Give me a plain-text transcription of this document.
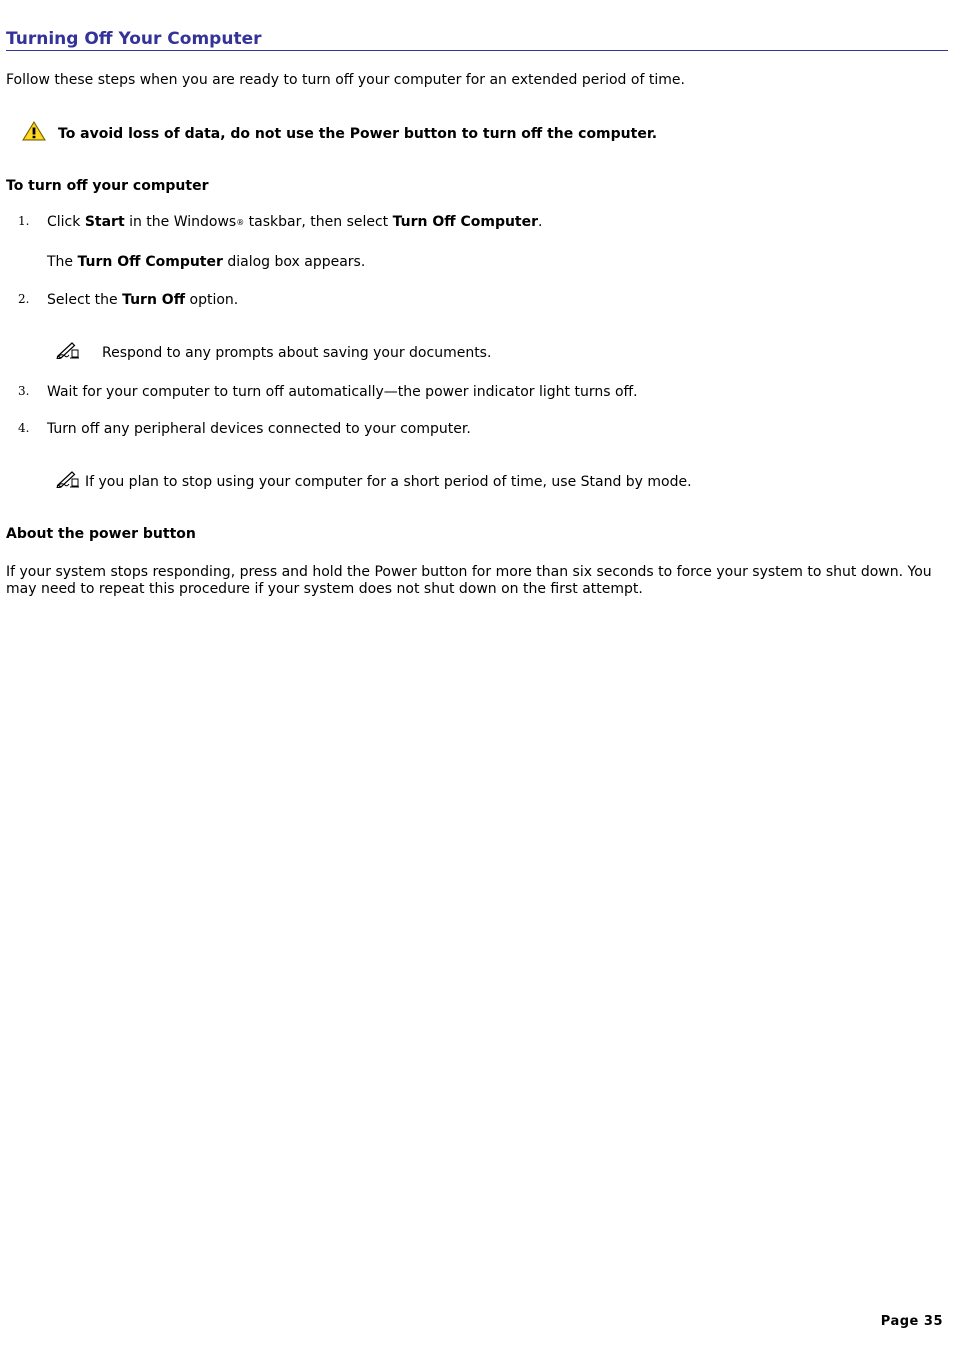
Turning Off Your Computer
Follow these steps when you are ready to turn off your computer for an extended period of time.
To avoid loss of data, do not use the Power button to turn off the computer.
To turn off your computer
1. Click Start in the Windows® taskbar, then select Turn Off Computer.
The Turn Off Computer dialog box appears.
2. Select the Turn Off option.
Respond to any prompts about saving your documents.
3. Wait for your computer to turn off automatically—the power indicator light turns off.
4. Turn off any peripheral devices connected to your computer.
If you plan to stop using your computer for a short period of time, use Stand by mode.
About the power button
If your system stops responding, press and hold the Power button for more than six seconds to force your system to shut down. You may need to repeat this procedure if your system does not shut down on the first attempt.
Page 35
